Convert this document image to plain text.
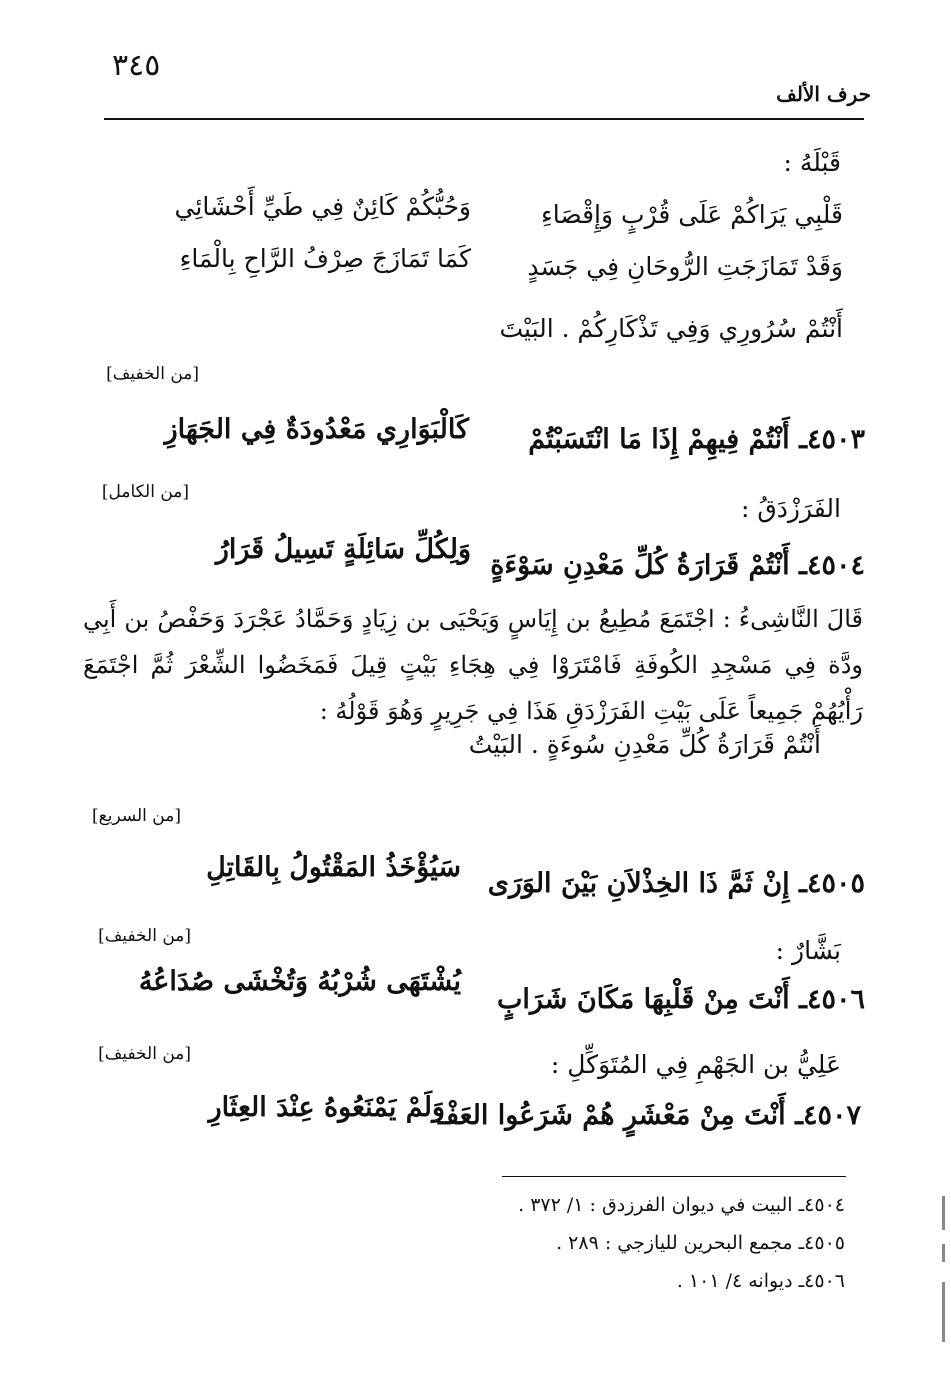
٣٤٥
حرف الألف
قَبْلَهُ :
قَلْبِي يَرَاكُمْ عَلَى قُرْبٍ وَإِقْصَاءِ
وَحُبُّكُمْ كَائِنٌ فِي طَيِّ أَحْشَائِي
وَقَدْ تَمَازَجَتِ الرُّوحَانِ فِي جَسَدٍ
كَمَا تَمَازَجَ صِرْفُ الرَّاحِ بِالْمَاءِ
أَنْتُمْ سُرُورِي وَفِي تَذْكَارِكُمْ . البَيْتَ
[من الخفيف]
٤٥٠٣ـ أَنْتُمْ فِيهِمْ إِذَا مَا انْتَسَبْتُمْ
كَالْبَوَارِي مَعْدُودَةٌ فِي الجَهَازِ
[من الكامل]
الفَرَزْدَقُ :
٤٥٠٤ـ أَنْتُمْ قَرَارَةُ كُلِّ مَعْدِنِ سَوْءَةٍ
وَلِكُلِّ سَائِلَةٍ تَسِيلُ قَرَارُ
قَالَ النَّاشِىءُ : اجْتَمَعَ مُطِيعُ بن إِيَاسٍ وَيَحْيَى بن زِيَادٍ وَحَمَّادُ عَجْرَدَ وَحَفْصُ بن أَبِي ودَّة فِي مَسْجِدِ الكُوفَةِ فَامْتَرَوْا فِي هِجَاءِ بَيْتٍ قِيلَ فَمَخَضُوا الشِّعْرَ ثُمَّ اجْتَمَعَ رَأْيُهُمْ جَمِيعاً عَلَى بَيْتِ الفَرَزْدَقِ هَذَا فِي جَرِيرٍ وَهُوَ قَوْلُهُ :
أَنْتُمْ قَرَارَةُ كُلِّ مَعْدِنِ سُوءَةٍ . البَيْتُ
[من السريع]
٤٥٠٥ـ إِنْ ثَمَّ ذَا الخِذْلاَنِ بَيْنَ الوَرَى
سَيُؤْخَذُ المَقْتُولُ بِالقَاتِلِ
[من الخفيف]	بَشَّارٌ :
٤٥٠٦ـ أَنْتَ مِنْ قَلْبِهَا مَكَانَ شَرَابٍ
يُشْتَهَى شُرْبُهُ وَتُخْشَى صُدَاعُهُ
[من الخفيف]	عَلِيُّ بن الجَهْمِ فِي المُتَوَكِّلِ :
٤٥٠٧ـ أَنْتَ مِنْ مَعْشَرٍ هُمْ شَرَعُوا العَفْـ
وَلَمْ يَمْنَعُوهُ عِنْدَ العِثَارِ
٤٥٠٤ـ البيت في ديوان الفرزدق : ١/ ٣٧٢ .
٤٥٠٥ـ مجمع البحرين لليازجي : ٢٨٩ .
٤٥٠٦ـ ديوانه ٤/ ١٠١ .
